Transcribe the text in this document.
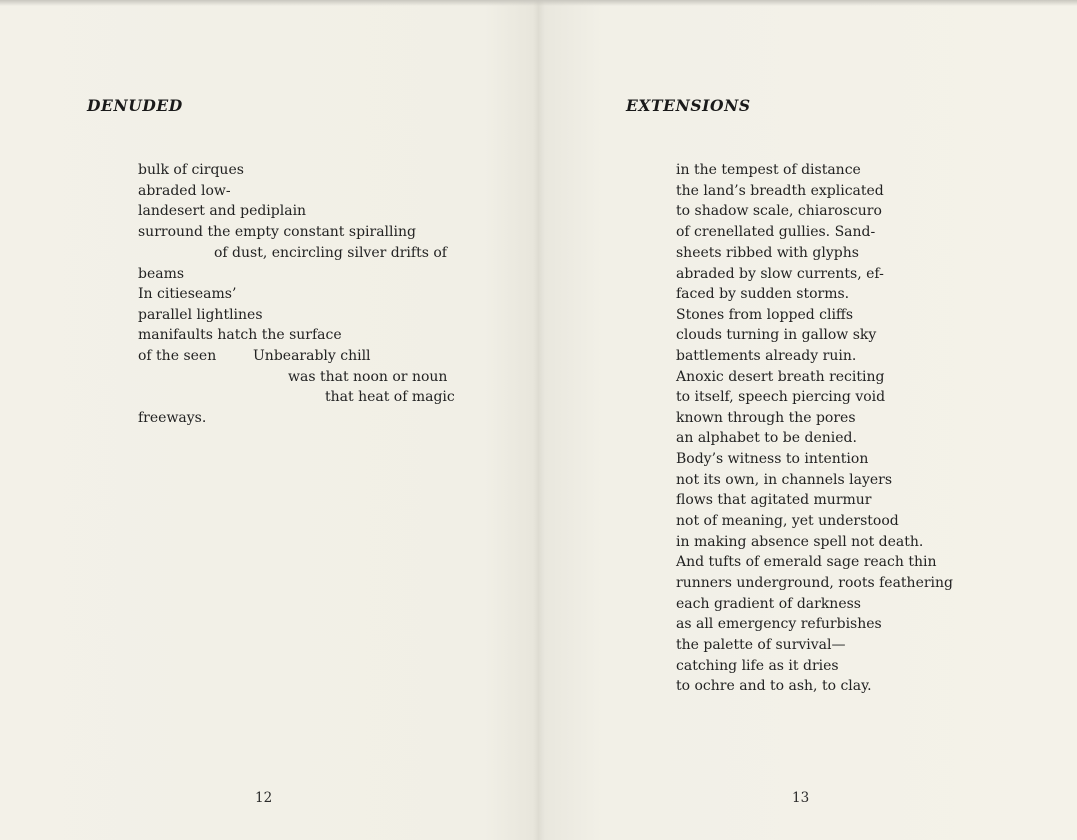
DENUDED
bulk of cirques
abraded low-
landesert and pediplain
surround the empty constant spiralling
of dust, encircling silver drifts of
beams
In citieseams’
parallel lightlines
manifaults hatch the surface
of the seen	Unbearably chill
was that noon or noun
that heat of magic
freeways.
12
EXTENSIONS
in the tempest of distance
the land’s breadth explicated
to shadow scale, chiaroscuro
of crenellated gullies. Sand-
sheets ribbed with glyphs
abraded by slow currents, ef-
faced by sudden storms.
Stones from lopped cliffs
clouds turning in gallow sky
battlements already ruin.
Anoxic desert breath reciting
to itself, speech piercing void
known through the pores
an alphabet to be denied.
Body’s witness to intention
not its own, in channels layers
flows that agitated murmur
not of meaning, yet understood
in making absence spell not death.
And tufts of emerald sage reach thin
runners underground, roots feathering
each gradient of darkness
as all emergency refurbishes
the palette of survival—
catching life as it dries
to ochre and to ash, to clay.
13
